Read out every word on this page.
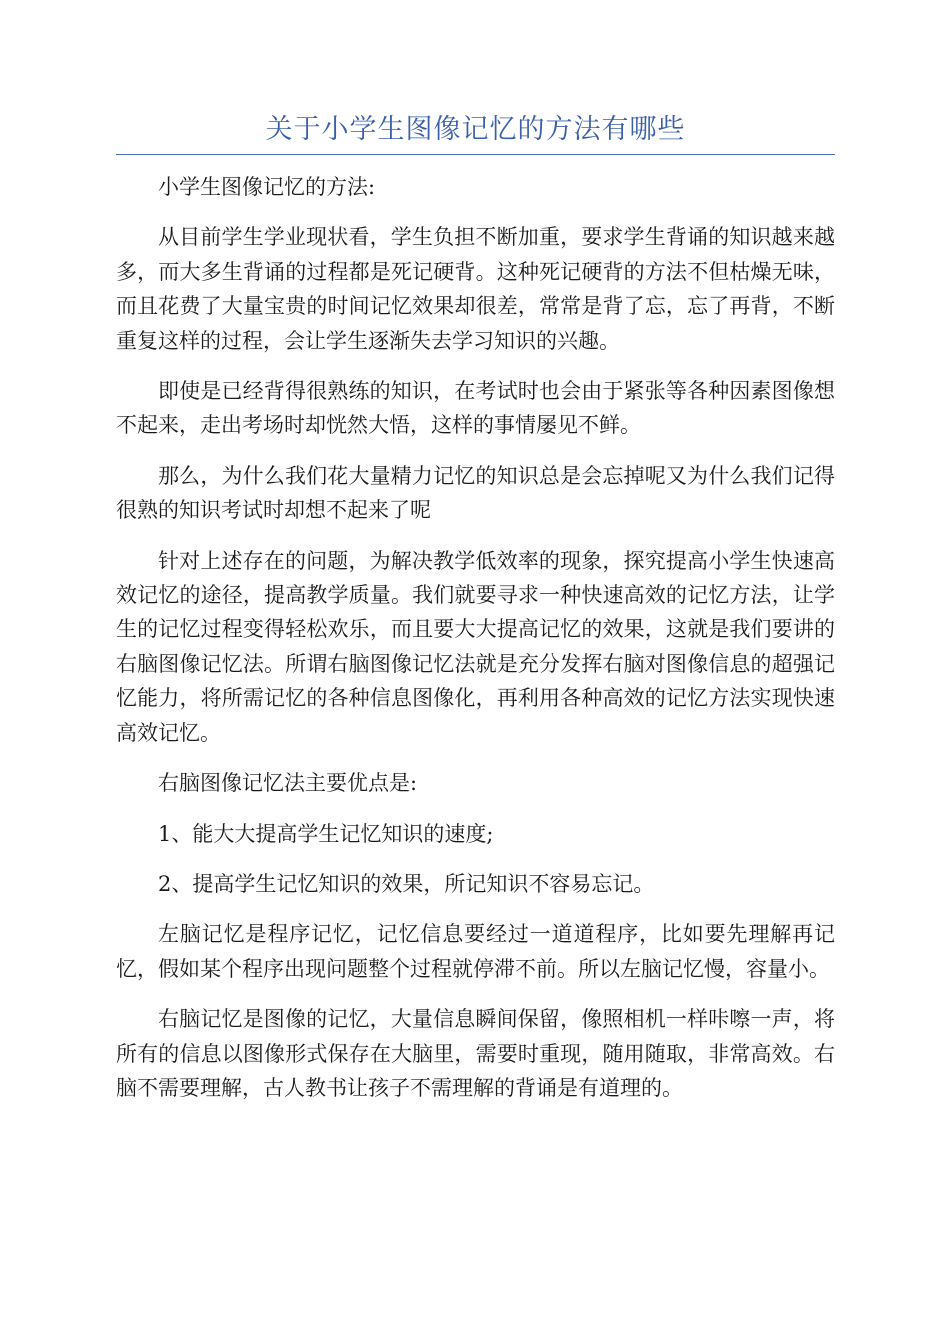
关于小学生图像记忆的方法有哪些

小学生图像记忆的方法:

从目前学生学业现状看，学生负担不断加重，要求学生背诵的知识越来越多，而大多生背诵的过程都是死记硬背。这种死记硬背的方法不但枯燥无味，而且花费了大量宝贵的时间记忆效果却很差，常常是背了忘，忘了再背，不断重复这样的过程，会让学生逐渐失去学习知识的兴趣。

即使是已经背得很熟练的知识，在考试时也会由于紧张等各种因素图像想不起来，走出考场时却恍然大悟，这样的事情屡见不鲜。

那么，为什么我们花大量精力记忆的知识总是会忘掉呢又为什么我们记得很熟的知识考试时却想不起来了呢

针对上述存在的问题，为解决教学低效率的现象，探究提高小学生快速高效记忆的途径，提高教学质量。我们就要寻求一种快速高效的记忆方法，让学生的记忆过程变得轻松欢乐，而且要大大提高记忆的效果，这就是我们要讲的右脑图像记忆法。所谓右脑图像记忆法就是充分发挥右脑对图像信息的超强记忆能力，将所需记忆的各种信息图像化，再利用各种高效的记忆方法实现快速高效记忆。

右脑图像记忆法主要优点是:

1、能大大提高学生记忆知识的速度;

2、提高学生记忆知识的效果，所记知识不容易忘记。

左脑记忆是程序记忆，记忆信息要经过一道道程序，比如要先理解再记忆，假如某个程序出现问题整个过程就停滞不前。所以左脑记忆慢，容量小。

右脑记忆是图像的记忆，大量信息瞬间保留，像照相机一样咔嚓一声，将所有的信息以图像形式保存在大脑里，需要时重现，随用随取，非常高效。右脑不需要理解，古人教书让孩子不需理解的背诵是有道理的。
